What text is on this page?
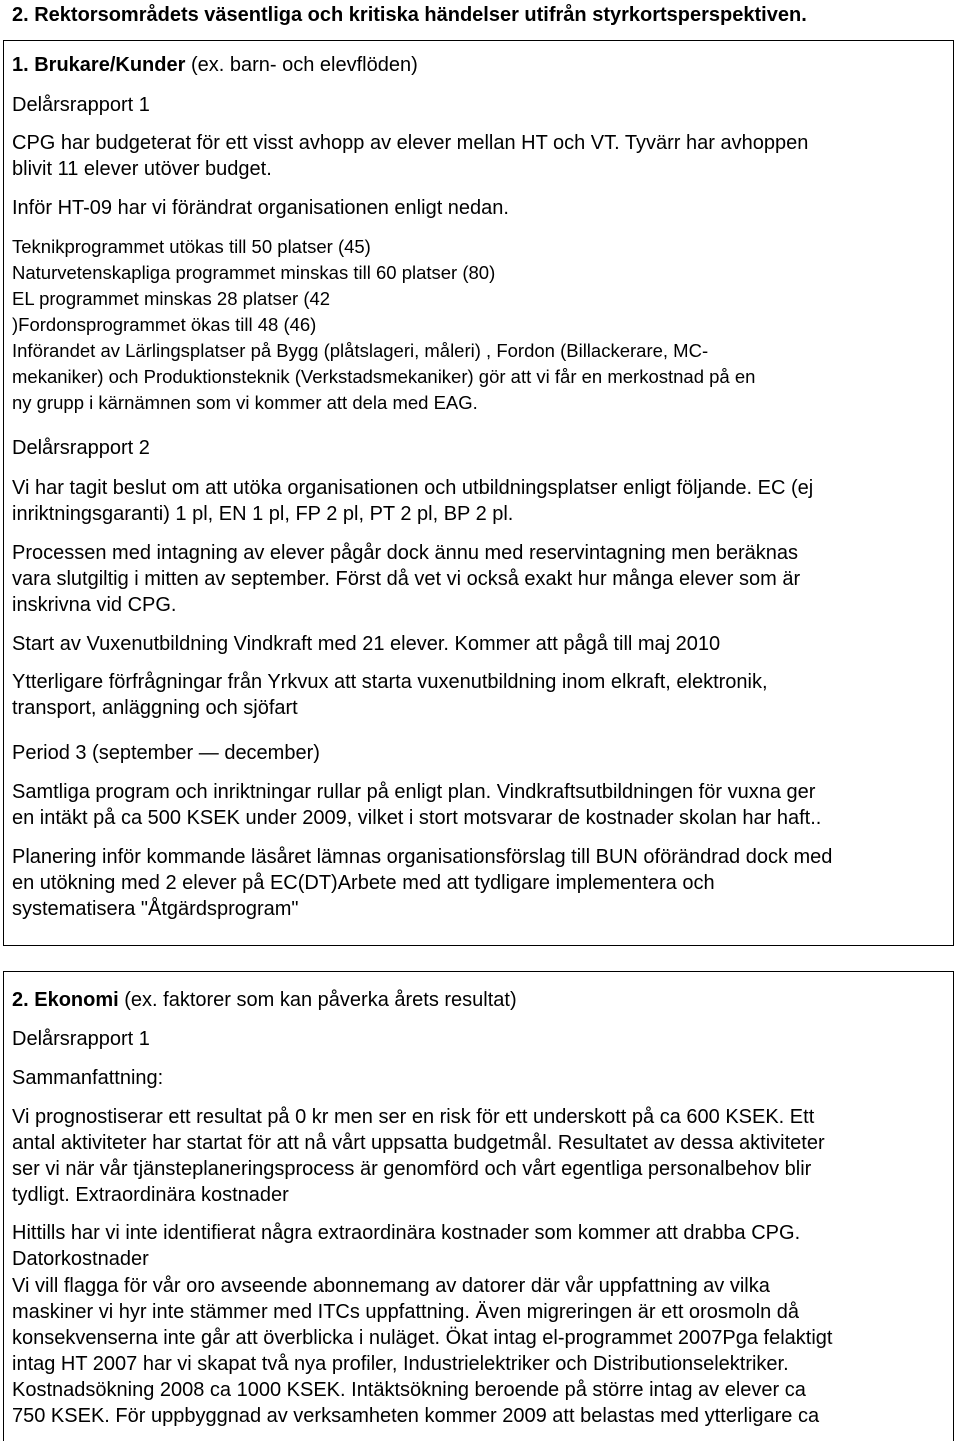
2. Rektorsområdets väsentliga och kritiska händelser utifrån styrkortsperspektiven.
1. Brukare/Kunder (ex. barn- och elevflöden)
Delårsrapport 1
CPG har budgeterat för ett visst avhopp av elever mellan HT och VT. Tyvärr har avhoppen
blivit 11 elever utöver budget.
Inför HT-09 har vi förändrat organisationen enligt nedan.
Teknikprogrammet utökas till 50 platser (45)
Naturvetenskapliga programmet minskas till 60 platser (80)
EL programmet minskas 28 platser (42
)Fordonsprogrammet ökas till 48 (46)
Införandet av Lärlingsplatser på Bygg (plåtslageri, måleri) , Fordon (Billackerare, MC-
mekaniker) och Produktionsteknik (Verkstadsmekaniker) gör att vi får en merkostnad på en
ny grupp i kärnämnen som vi kommer att dela med EAG.
Delårsrapport 2
Vi har tagit beslut om att utöka organisationen och utbildningsplatser enligt följande. EC (ej
inriktningsgaranti) 1 pl, EN 1 pl, FP 2 pl, PT 2 pl, BP 2 pl.
Processen med intagning av elever pågår dock ännu med reservintagning men beräknas
vara slutgiltig i mitten av september. Först då vet vi också exakt hur många elever som är
inskrivna vid CPG.
Start av Vuxenutbildning Vindkraft med 21 elever. Kommer att pågå till maj 2010
Ytterligare förfrågningar från Yrkvux att starta vuxenutbildning inom elkraft, elektronik,
transport, anläggning och sjöfart
Period 3 (september — december)
Samtliga program och inriktningar rullar på enligt plan. Vindkraftsutbildningen för vuxna ger
en intäkt på ca 500 KSEK under 2009, vilket i stort motsvarar de kostnader skolan har haft..
Planering inför kommande läsåret lämnas organisationsförslag till BUN oförändrad dock med
en utökning med 2 elever på EC(DT)Arbete med att tydligare implementera och
systematisera "Åtgärdsprogram"
2. Ekonomi (ex. faktorer som kan påverka årets resultat)
Delårsrapport 1
Sammanfattning:
Vi prognostiserar ett resultat på 0 kr men ser en risk för ett underskott på ca 600 KSEK. Ett
antal aktiviteter har startat för att nå vårt uppsatta budgetmål. Resultatet av dessa aktiviteter
ser vi när vår tjänsteplaneringsprocess är genomförd och vårt egentliga personalbehov blir
tydligt. Extraordinära kostnader
Hittills har vi inte identifierat några extraordinära kostnader som kommer att drabba CPG.
Datorkostnader
Vi vill flagga för vår oro avseende abonnemang av datorer där vår uppfattning av vilka
maskiner vi hyr inte stämmer med ITCs uppfattning. Även migreringen är ett orosmoln då
konsekvenserna inte går att överblicka i nuläget. Ökat intag el-programmet 2007Pga felaktigt
intag HT 2007 har vi skapat två nya profiler, Industrielektriker och Distributionselektriker.
Kostnadsökning 2008 ca 1000 KSEK. Intäktsökning beroende på större intag av elever ca
750 KSEK. För uppbyggnad av verksamheten kommer 2009 att belastas med ytterligare ca
